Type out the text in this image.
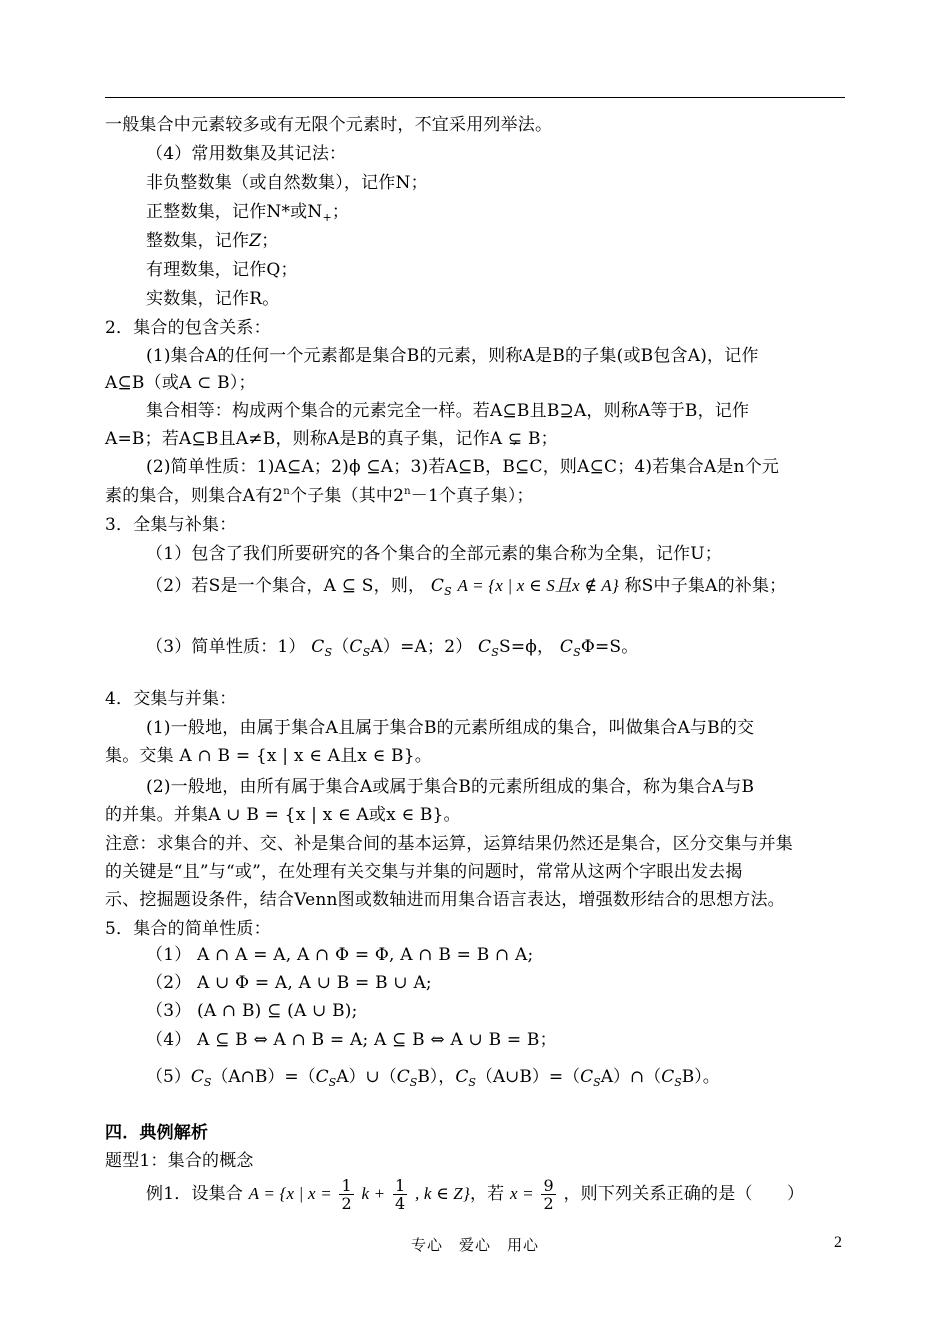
一般集合中元素较多或有无限个元素时，不宜采用列举法。
（4）常用数集及其记法：
非负整数集（或自然数集），记作N；
正整数集，记作N*或$N_+$；
整数集，记作Z；
有理数集，记作Q；
实数集，记作R。
2．集合的包含关系：
(1)集合A的任何一个元素都是集合B的元素，则称A是B的子集(或B包含A)，记作
A⊆B（或A ⊂ B）；
集合相等：构成两个集合的元素完全一样。若A⊆B且B⊇A，则称A等于B，记作
A=B；若A⊆B且A≠B，则称A是B的真子集，记作A ⊊ B；
(2)简单性质：1)A⊆A；2)ϕ ⊆A；3)若A⊆B，B⊆C，则A⊆C；4)若集合A是n个元
素的集合，则集合A有2$^n$个子集（其中$2^n-1$个真子集）；
3．全集与补集：
（1）包含了我们所要研究的各个集合的全部元素的集合称为全集，记作U；
（2）若S是一个集合，A ⊆ S，则， $C_S$ A = {x | x ∈ S且x ∉ A} 称S中子集A的补集；
（3）简单性质：1） $C_S(C_SA)=A$；2） $C_SS=\phi$， $C_S\Phi=S$。
4．交集与并集：
(1)一般地，由属于集合A且属于集合B的元素所组成的集合，叫做集合A与B的交
集。交集 A ∩ B = {x | x ∈ A且x ∈ B}。
(2)一般地，由所有属于集合A或属于集合B的元素所组成的集合，称为集合A与B
的并集。并集A ∪ B = {x | x ∈ A或x ∈ B}。
注意：求集合的并、交、补是集合间的基本运算，运算结果仍然还是集合，区分交集与并集
的关键是“且”与“或”，在处理有关交集与并集的问题时，常常从这两个字眼出发去揭
示、挖掘题设条件，结合Venn图或数轴进而用集合语言表达，增强数形结合的思想方法。
5．集合的简单性质：
（1） A ∩ A = A, A ∩ Φ = Φ, A ∩ B = B ∩ A;
（2） A ∪ Φ = A, A ∪ B = B ∪ A;
（3） (A ∩ B) ⊆ (A ∪ B);
（4） A ⊆ B ⇔ A ∩ B = A; A ⊆ B ⇔ A ∪ B = B；
$(5)C_S(A\cap B)=(C_SA)\cup(C_SB)$，$C_S(A\cup B)=(C_SA)\cap(C_SB)$。
四．典例解析
题型1：集合的概念
例1．设集合 A = {x | $x = \frac{1}{2}$ $k + \frac{1}{4}$ , k ∈ Z}，若 $x = \frac{9}{2}$ ，则下列关系正确的是（　　）
专心　爱心　用心	2
